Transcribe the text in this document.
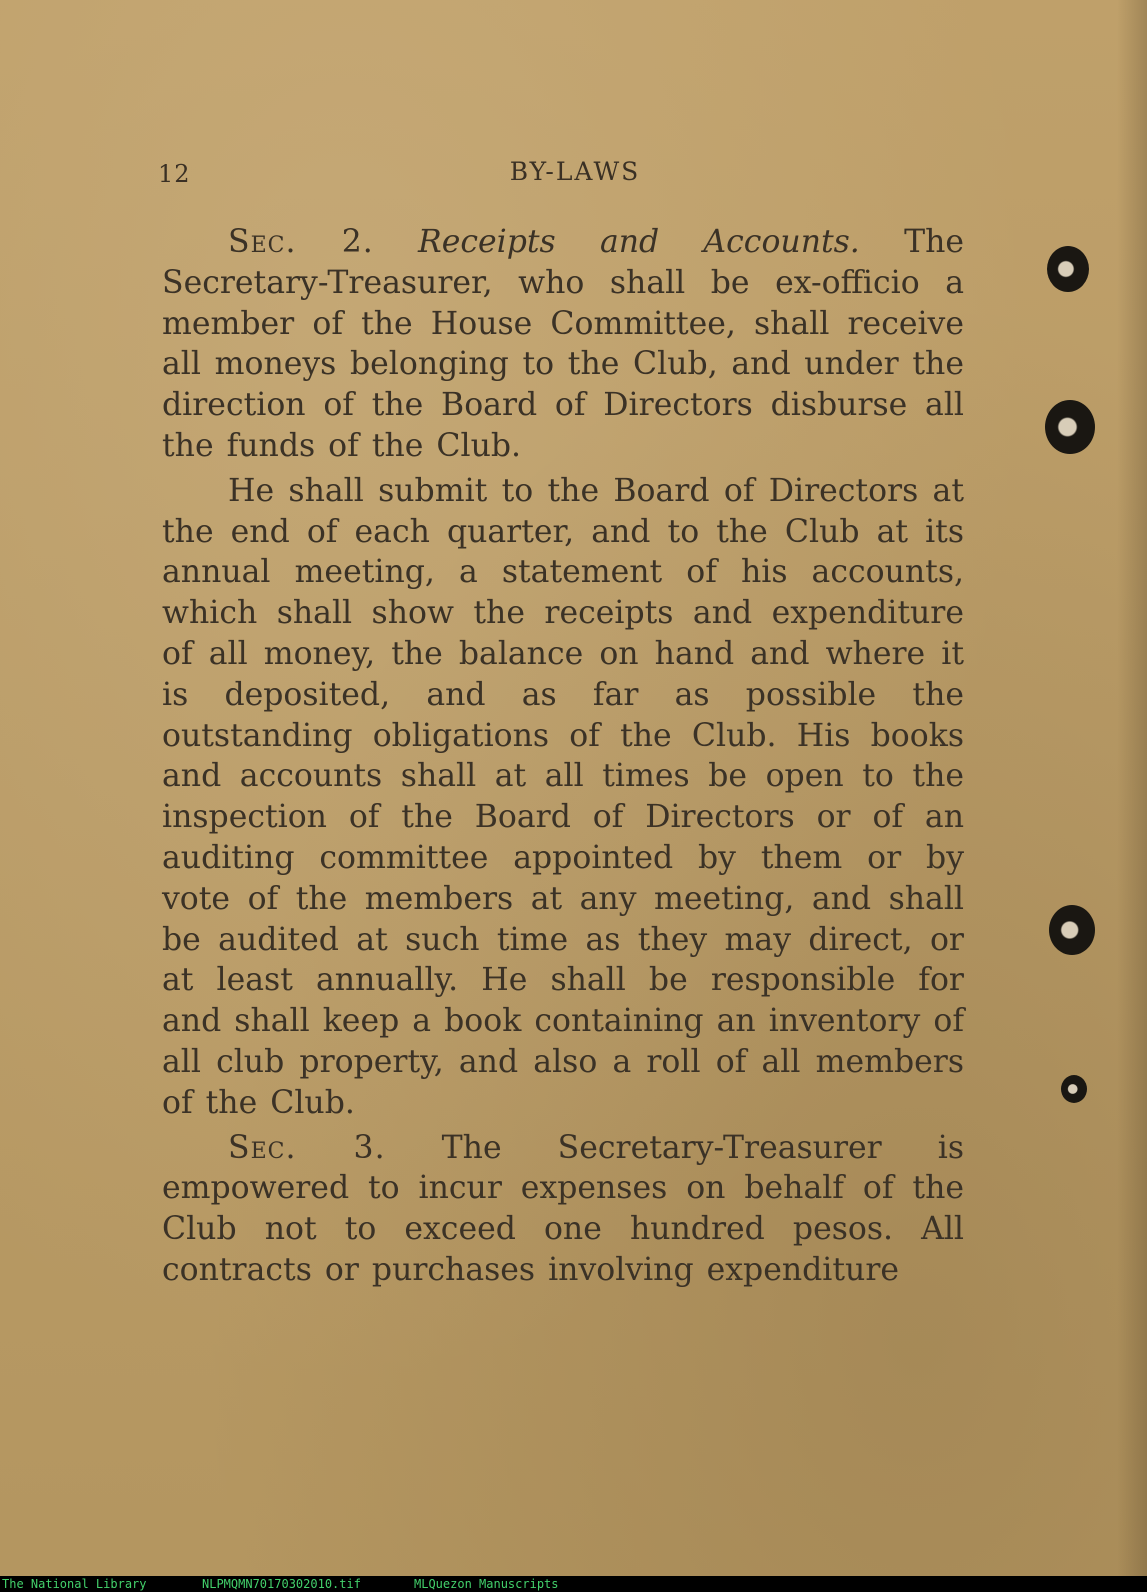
12	BY-LAWS

Sec. 2. Receipts and Accounts. The Secretary-Treasurer, who shall be ex-officio a member of the House Committee, shall receive all moneys belonging to the Club, and under the direction of the Board of Directors disburse all the funds of the Club.

He shall submit to the Board of Directors at the end of each quarter, and to the Club at its annual meeting, a statement of his accounts, which shall show the receipts and expenditure of all money, the balance on hand and where it is deposited, and as far as possible the outstanding obligations of the Club. His books and accounts shall at all times be open to the inspection of the Board of Directors or of an auditing committee appointed by them or by vote of the members at any meeting, and shall be audited at such time as they may direct, or at least annually. He shall be responsible for and shall keep a book containing an inventory of all club property, and also a roll of all members of the Club.

Sec. 3. The Secretary-Treasurer is empowered to incur expenses on behalf of the Club not to exceed one hundred pesos. All contracts or purchases involving expenditure

The National Library	NLPMQMN70170302010.tif	MLQuezon Manuscripts
